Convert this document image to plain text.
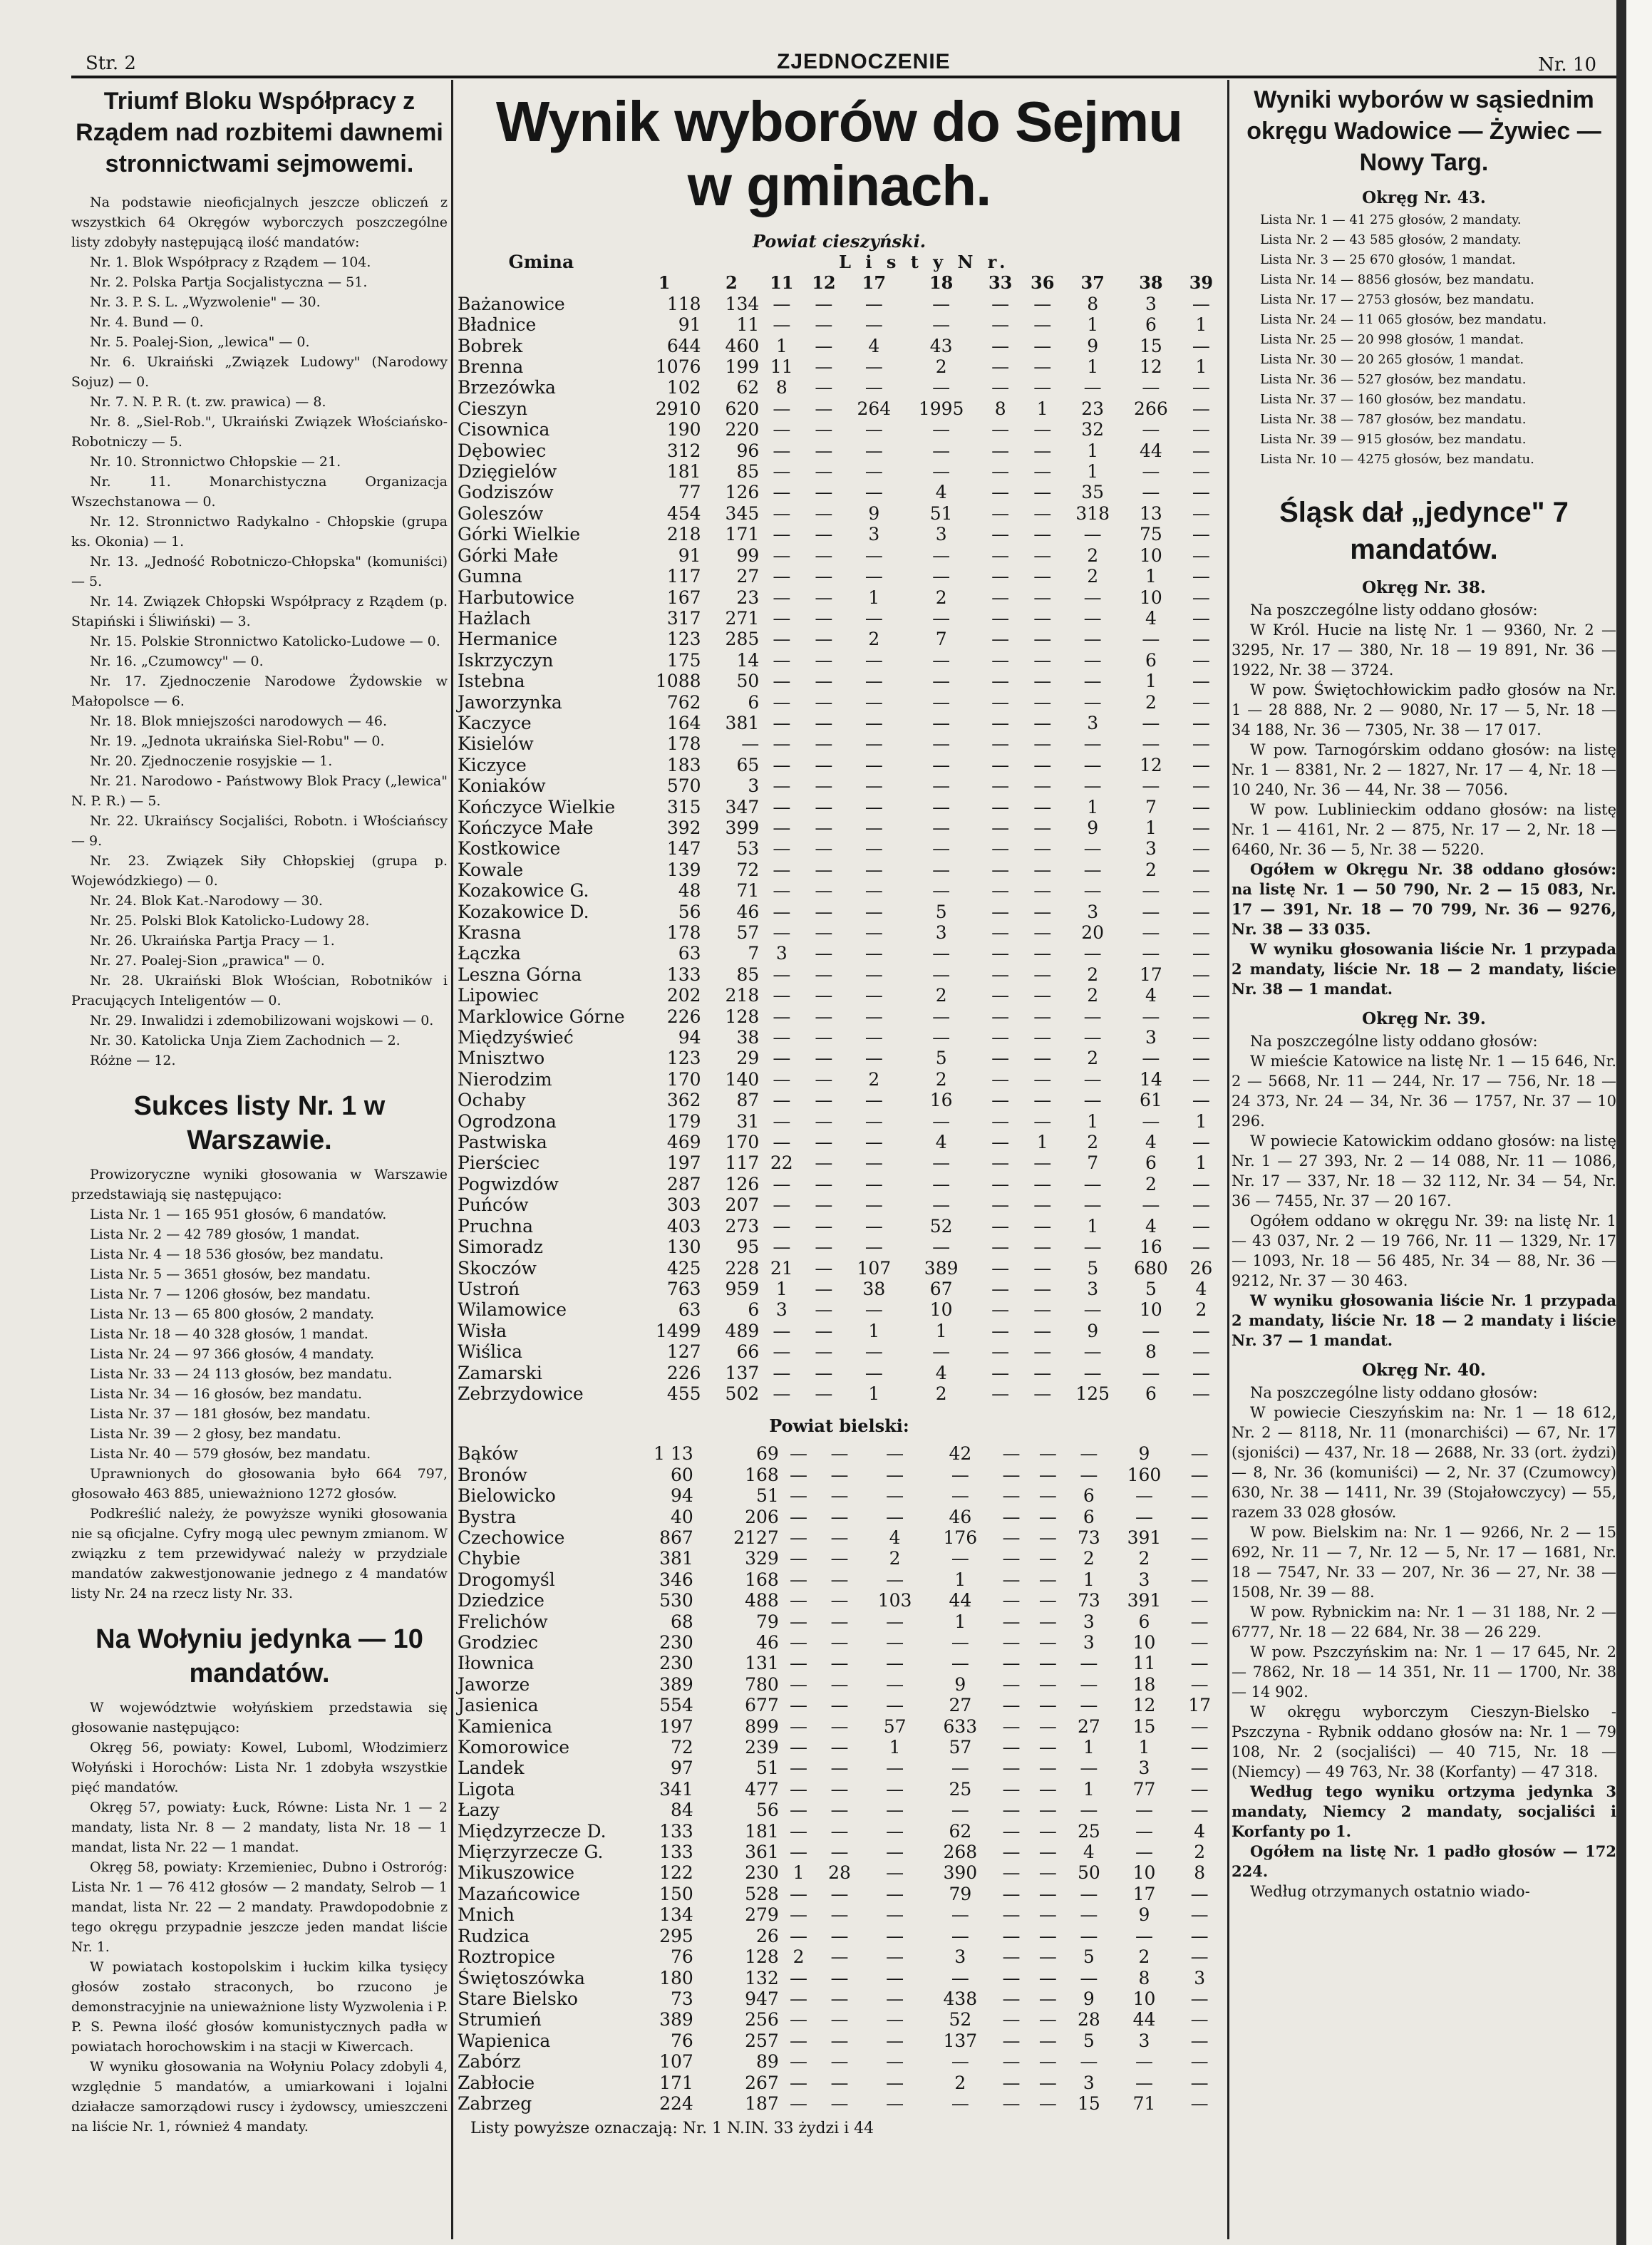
Str. 2	ZJEDNOCZENIE	Nr. 10
Triumf Bloku Współpracy z Rządem nad rozbitemi dawnemi stronnictwami sejmowemi.

Na podstawie nieoficjalnych jeszcze obliczeń z wszystkich 64 Okręgów wyborczych poszczególne listy zdobyły następującą ilość mandatów:

Nr. 1. Blok Współpracy z Rządem — 104.

Nr. 2. Polska Partja Socjalistyczna — 51.

Nr. 3. P. S. L. „Wyzwolenie" — 30.

Nr. 4. Bund — 0.

Nr. 5. Poalej-Sion, „lewica" — 0.

Nr. 6. Ukraiński „Związek Ludowy" (Narodowy Sojuz) — 0.

Nr. 7. N. P. R. (t. zw. prawica) — 8.

Nr. 8. „Siel-Rob.", Ukraiński Związek Włościańsko-Robotniczy — 5.

Nr. 10. Stronnictwo Chłopskie — 21.

Nr. 11. Monarchistyczna Organizacja Wszechstanowa — 0.

Nr. 12. Stronnictwo Radykalno - Chłopskie (grupa ks. Okonia) — 1.

Nr. 13. „Jedność Robotniczo-Chłopska" (komuniści) — 5.

Nr. 14. Związek Chłopski Współpracy z Rządem (p. Stapiński i Śliwiński) — 3.

Nr. 15. Polskie Stronnictwo Katolicko-Ludowe — 0.

Nr. 16. „Czumowcy" — 0.

Nr. 17. Zjednoczenie Narodowe Żydowskie w Małopolsce — 6.

Nr. 18. Blok mniejszości narodowych — 46.

Nr. 19. „Jednota ukraińska Siel-Robu" — 0.

Nr. 20. Zjednoczenie rosyjskie — 1.

Nr. 21. Narodowo - Państwowy Blok Pracy („lewica" N. P. R.) — 5.

Nr. 22. Ukraińscy Socjaliści, Robotn. i Włościańscy — 9.

Nr. 23. Związek Siły Chłopskiej (grupa p. Wojewódzkiego) — 0.

Nr. 24. Blok Kat.-Narodowy — 30.

Nr. 25. Polski Blok Katolicko-Ludowy 28.

Nr. 26. Ukraińska Partja Pracy — 1.

Nr. 27. Poalej-Sion „prawica" — 0.

Nr. 28. Ukraiński Blok Włościan, Robotników i Pracujących Inteligentów — 0.

Nr. 29. Inwalidzi i zdemobilizowani wojskowi — 0.

Nr. 30. Katolicka Unja Ziem Zachodnich — 2.

Różne — 12.

Sukces listy Nr. 1 w Warszawie.

Prowizoryczne wyniki głosowania w Warszawie przedstawiają się następująco:

Lista Nr. 1 — 165 951 głosów, 6 mandatów.

Lista Nr. 2 — 42 789 głosów, 1 mandat.

Lista Nr. 4 — 18 536 głosów, bez mandatu.

Lista Nr. 5 — 3651 głosów, bez mandatu.

Lista Nr. 7 — 1206 głosów, bez mandatu.

Lista Nr. 13 — 65 800 głosów, 2 mandaty.

Lista Nr. 18 — 40 328 głosów, 1 mandat.

Lista Nr. 24 — 97 366 głosów, 4 mandaty.

Lista Nr. 33 — 24 113 głosów, bez mandatu.

Lista Nr. 34 — 16 głosów, bez mandatu.

Lista Nr. 37 — 181 głosów, bez mandatu.

Lista Nr. 39 — 2 głosy, bez mandatu.

Lista Nr. 40 — 579 głosów, bez mandatu.

Uprawnionych do głosowania było 664 797, głosowało 463 885, unieważniono 1272 głosów.

Podkreślić należy, że powyższe wyniki głosowania nie są oficjalne. Cyfry mogą ulec pewnym zmianom. W związku z tem przewidywać należy w przydziale mandatów zakwestjonowanie jednego z 4 mandatów listy Nr. 24 na rzecz listy Nr. 33.

Na Wołyniu jedynka — 10 mandatów.

W województwie wołyńskiem przedstawia się głosowanie następująco:

Okręg 56, powiaty: Kowel, Luboml, Włodzimierz Wołyński i Horochów: Lista Nr. 1 zdobyła wszystkie pięć mandatów.

Okręg 57, powiaty: Łuck, Równe: Lista Nr. 1 — 2 mandaty, lista Nr. 8 — 2 mandaty, lista Nr. 18 — 1 mandat, lista Nr. 22 — 1 mandat.

Okręg 58, powiaty: Krzemieniec, Dubno i Ostroróg: Lista Nr. 1 — 76 412 głosów — 2 mandaty, Selrob — 1 mandat, lista Nr. 22 — 2 mandaty. Prawdopodobnie z tego okręgu przypadnie jeszcze jeden mandat liście Nr. 1.

W powiatach kostopolskim i łuckim kilka tysięcy głosów zostało straconych, bo rzucono je demonstracyjnie na unieważnione listy Wyzwolenia i P. P. S. Pewna ilość głosów komunistycznych padła w powiatach horochowskim i na stacji w Kiwercach.

W wyniku głosowania na Wołyniu Polacy zdobyli 4, względnie 5 mandatów, a umiarkowani i lojalni działacze samorządowi ruscy i żydowscy, umieszczeni na liście Nr. 1, również 4 mandaty.

Wynik wyborów do Sejmu
w gminach.
Powiat cieszyński.
Gmina	L i s t y N r.										
	1	2	11	12	17	18	33	36	37	38	39
Bażanowice	118	134	—	—	—	—	—	—	8	3	—
Bładnice	91	11	—	—	—	—	—	—	1	6	1
Bobrek	644	460	1	—	4	43	—	—	9	15	—
Brenna	1076	199	11	—	—	2	—	—	1	12	1
Brzezówka	102	62	8	—	—	—	—	—	—	—	—
Cieszyn	2910	620	—	—	264	1995	8	1	23	266	—
Cisownica	190	220	—	—	—	—	—	—	32	—	—
Dębowiec	312	96	—	—	—	—	—	—	1	44	—
Dzięgielów	181	85	—	—	—	—	—	—	1	—	—
Godziszów	77	126	—	—	—	4	—	—	35	—	—
Goleszów	454	345	—	—	9	51	—	—	318	13	—
Górki Wielkie	218	171	—	—	3	3	—	—	—	75	—
Górki Małe	91	99	—	—	—	—	—	—	2	10	—
Gumna	117	27	—	—	—	—	—	—	2	1	—
Harbutowice	167	23	—	—	1	2	—	—	—	10	—
Hażlach	317	271	—	—	—	—	—	—	—	4	—
Hermanice	123	285	—	—	2	7	—	—	—	—	—
Iskrzyczyn	175	14	—	—	—	—	—	—	—	6	—
Istebna	1088	50	—	—	—	—	—	—	—	1	—
Jaworzynka	762	6	—	—	—	—	—	—	—	2	—
Kaczyce	164	381	—	—	—	—	—	—	3	—	—
Kisielów	178	—	—	—	—	—	—	—	—	—	—
Kiczyce	183	65	—	—	—	—	—	—	—	12	—
Koniaków	570	3	—	—	—	—	—	—	—	—	—
Kończyce Wielkie	315	347	—	—	—	—	—	—	1	7	—
Kończyce Małe	392	399	—	—	—	—	—	—	9	1	—
Kostkowice	147	53	—	—	—	—	—	—	—	3	—
Kowale	139	72	—	—	—	—	—	—	—	2	—
Kozakowice G.	48	71	—	—	—	—	—	—	—	—	—
Kozakowice D.	56	46	—	—	—	5	—	—	3	—	—
Krasna	178	57	—	—	—	3	—	—	20	—	—
Łączka	63	7	3	—	—	—	—	—	—	—	—
Leszna Górna	133	85	—	—	—	—	—	—	2	17	—
Lipowiec	202	218	—	—	—	2	—	—	2	4	—
Marklowice Górne	226	128	—	—	—	—	—	—	—	—	—
Międzyświeć	94	38	—	—	—	—	—	—	—	3	—
Mnisztwo	123	29	—	—	—	5	—	—	2	—	—
Nierodzim	170	140	—	—	2	2	—	—	—	14	—
Ochaby	362	87	—	—	—	16	—	—	—	61	—
Ogrodzona	179	31	—	—	—	—	—	—	1	—	1
Pastwiska	469	170	—	—	—	4	—	1	2	4	—
Pierściec	197	117	22	—	—	—	—	—	7	6	1
Pogwizdów	287	126	—	—	—	—	—	—	—	2	—
Puńców	303	207	—	—	—	—	—	—	—	—	—
Pruchna	403	273	—	—	—	52	—	—	1	4	—
Simoradz	130	95	—	—	—	—	—	—	—	16	—
Skoczów	425	228	21	—	107	389	—	—	5	680	26
Ustroń	763	959	1	—	38	67	—	—	3	5	4
Wilamowice	63	6	3	—	—	10	—	—	—	10	2
Wisła	1499	489	—	—	1	1	—	—	9	—	—
Wiślica	127	66	—	—	—	—	—	—	—	8	—
Zamarski	226	137	—	—	—	4	—	—	—	—	—
Zebrzydowice	455	502	—	—	1	2	—	—	125	6	—
Powiat bielski:
Bąków	1 13	69	—	—	—	42	—	—	—	9	—
Bronów	60	168	—	—	—	—	—	—	—	160	—
Bielowicko	94	51	—	—	—	—	—	—	6	—	—
Bystra	40	206	—	—	—	46	—	—	6	—	—
Czechowice	867	2127	—	—	4	176	—	—	73	391	—
Chybie	381	329	—	—	2	—	—	—	2	2	—
Drogomyśl	346	168	—	—	—	1	—	—	1	3	—
Dziedzice	530	488	—	—	103	44	—	—	73	391	—
Frelichów	68	79	—	—	—	1	—	—	3	6	—
Grodziec	230	46	—	—	—	—	—	—	3	10	—
Iłownica	230	131	—	—	—	—	—	—	—	11	—
Jaworze	389	780	—	—	—	9	—	—	—	18	—
Jasienica	554	677	—	—	—	27	—	—	—	12	17
Kamienica	197	899	—	—	57	633	—	—	27	15	—
Komorowice	72	239	—	—	1	57	—	—	1	1	—
Landek	97	51	—	—	—	—	—	—	—	3	—
Ligota	341	477	—	—	—	25	—	—	1	77	—
Łazy	84	56	—	—	—	—	—	—	—	—	—
Międzyrzecze D.	133	181	—	—	—	62	—	—	25	—	4
Mięrzyrzecze G.	133	361	—	—	—	268	—	—	4	—	2
Mikuszowice	122	230	1	28	—	390	—	—	50	10	8
Mazańcowice	150	528	—	—	—	79	—	—	—	17	—
Mnich	134	279	—	—	—	—	—	—	—	9	—
Rudzica	295	26	—	—	—	—	—	—	—	—	—
Roztropice	76	128	2	—	—	3	—	—	5	2	—
Świętoszówka	180	132	—	—	—	—	—	—	—	8	3
Stare Bielsko	73	947	—	—	—	438	—	—	9	10	—
Strumień	389	256	—	—	—	52	—	—	28	44	—
Wapienica	76	257	—	—	—	137	—	—	5	3	—
Zabórz	107	89	—	—	—	—	—	—	—	—	—
Zabłocie	171	267	—	—	—	2	—	—	3	—	—
Zabrzeg	224	187	—	—	—	—	—	—	15	71	—
Listy powyższe oznaczają: Nr. 1 N.IN. 33 żydzi i 44
Wyniki wyborów w sąsiednim okręgu Wadowice — Żywiec — Nowy Targ.
Okręg Nr. 43.

Lista Nr. 1 — 41 275 głosów, 2 mandaty.

Lista Nr. 2 — 43 585 głosów, 2 mandaty.

Lista Nr. 3 — 25 670 głosów, 1 mandat.

Lista Nr. 14 — 8856 głosów, bez mandatu.

Lista Nr. 17 — 2753 głosów, bez mandatu.

Lista Nr. 24 — 11 065 głosów, bez mandatu.

Lista Nr. 25 — 20 998 głosów, 1 mandat.

Lista Nr. 30 — 20 265 głosów, 1 mandat.

Lista Nr. 36 — 527 głosów, bez mandatu.

Lista Nr. 37 — 160 głosów, bez mandatu.

Lista Nr. 38 — 787 głosów, bez mandatu.

Lista Nr. 39 — 915 głosów, bez mandatu.

Lista Nr. 10 — 4275 głosów, bez mandatu.

Śląsk dał „jedynce" 7 mandatów.
Okręg Nr. 38.

Na poszczególne listy oddano głosów:

W Król. Hucie na listę Nr. 1 — 9360, Nr. 2 — 3295, Nr. 17 — 380, Nr. 18 — 19 891, Nr. 36 — 1922, Nr. 38 — 3724.

W pow. Świętochłowickim padło głosów na Nr. 1 — 28 888, Nr. 2 — 9080, Nr. 17 — 5, Nr. 18 — 34 188, Nr. 36 — 7305, Nr. 38 — 17 017.

W pow. Tarnogórskim oddano głosów: na listę Nr. 1 — 8381, Nr. 2 — 1827, Nr. 17 — 4, Nr. 18 — 10 240, Nr. 36 — 44, Nr. 38 — 7056.

W pow. Lublinieckim oddano głosów: na listę Nr. 1 — 4161, Nr. 2 — 875, Nr. 17 — 2, Nr. 18 — 6460, Nr. 36 — 5, Nr. 38 — 5220.

Ogółem w Okręgu Nr. 38 oddano głosów: na listę Nr. 1 — 50 790, Nr. 2 — 15 083, Nr. 17 — 391, Nr. 18 — 70 799, Nr. 36 — 9276, Nr. 38 — 33 035.

W wyniku głosowania liście Nr. 1 przypada 2 mandaty, liście Nr. 18 — 2 mandaty, liście Nr. 38 — 1 mandat.

Okręg Nr. 39.

Na poszczególne listy oddano głosów:

W mieście Katowice na listę Nr. 1 — 15 646, Nr. 2 — 5668, Nr. 11 — 244, Nr. 17 — 756, Nr. 18 — 24 373, Nr. 24 — 34, Nr. 36 — 1757, Nr. 37 — 10 296.

W powiecie Katowickim oddano głosów: na listę Nr. 1 — 27 393, Nr. 2 — 14 088, Nr. 11 — 1086, Nr. 17 — 337, Nr. 18 — 32 112, Nr. 34 — 54, Nr. 36 — 7455, Nr. 37 — 20 167.

Ogółem oddano w okręgu Nr. 39: na listę Nr. 1 — 43 037, Nr. 2 — 19 766, Nr. 11 — 1329, Nr. 17 — 1093, Nr. 18 — 56 485, Nr. 34 — 88, Nr. 36 — 9212, Nr. 37 — 30 463.

W wyniku głosowania liście Nr. 1 przypada 2 mandaty, liście Nr. 18 — 2 mandaty i liście Nr. 37 — 1 mandat.

Okręg Nr. 40.

Na poszczególne listy oddano głosów:

W powiecie Cieszyńskim na: Nr. 1 — 18 612, Nr. 2 — 8118, Nr. 11 (monarchiści) — 67, Nr. 17 (sjoniści) — 437, Nr. 18 — 2688, Nr. 33 (ort. żydzi) — 8, Nr. 36 (komuniści) — 2, Nr. 37 (Czumowcy) 630, Nr. 38 — 1411, Nr. 39 (Stojałowczycy) — 55, razem 33 028 głosów.

W pow. Bielskim na: Nr. 1 — 9266, Nr. 2 — 15 692, Nr. 11 — 7, Nr. 12 — 5, Nr. 17 — 1681, Nr. 18 — 7547, Nr. 33 — 207, Nr. 36 — 27, Nr. 38 — 1508, Nr. 39 — 88.

W pow. Rybnickim na: Nr. 1 — 31 188, Nr. 2 — 6777, Nr. 18 — 22 684, Nr. 38 — 26 229.

W pow. Pszczyńskim na: Nr. 1 — 17 645, Nr. 2 — 7862, Nr. 18 — 14 351, Nr. 11 — 1700, Nr. 38 — 14 902.

W okręgu wyborczym Cieszyn-Bielsko - Pszczyna - Rybnik oddano głosów na: Nr. 1 — 79 108, Nr. 2 (socjaliści) — 40 715, Nr. 18 — (Niemcy) — 49 763, Nr. 38 (Korfanty) — 47 318.

Według tego wyniku ortzyma jedynka 3 mandaty, Niemcy 2 mandaty, socjaliści i Korfanty po 1.

Ogółem na listę Nr. 1 padło głosów — 172 224.

Według otrzymanych ostatnio wiado-
